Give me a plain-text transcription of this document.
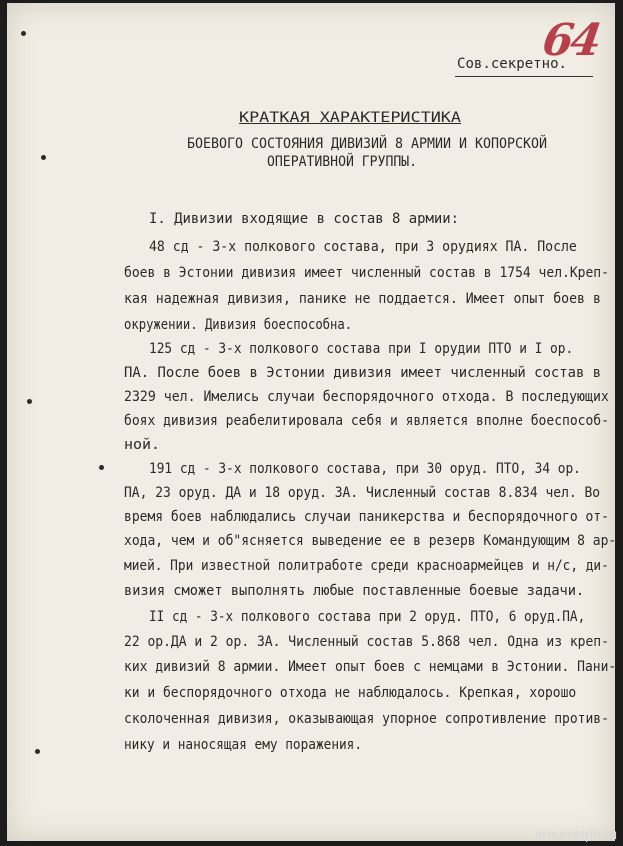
64
Сов.секретно.
КРАТКАЯ ХАРАКТЕРИСТИКА
БОЕВОГО СОСТОЯНИЯ ДИВИЗИЙ 8 АРМИИ И КОПОРСКОЙ
ОПЕРАТИВНОЙ ГРУППЫ.
I. Дивизии входящие в состав 8 армии:
48 сд - 3-х полкового состава, при 3 орудиях ПА. После
боев в Эстонии дивизия имеет численный состав в 1754 чел.Креп-
кая надежная дивизия, панике не поддается. Имеет опыт боев в
окружении. Дивизия боеспособна.
125 сд - 3-х полкового состава при I орудии ПТО и I ор.
ПА. После боев в Эстонии дивизия имеет численный состав в
2329 чел. Имелись случаи беспорядочного отхода. В последующих
боях дивизия реабелитировала себя и является вполне боеспособ-
ной.
191 сд - 3-х полкового состава, при 30 оруд. ПТО, 34 ор.
ПА, 23 оруд. ДА и 18 оруд. ЗА. Численный состав 8.834 чел. Во
время боев наблюдались случаи паникерства и беспорядочного от-
хода, чем и об"ясняется выведение ее в резерв Командующим 8 ар-
мией. При известной политработе среди красноармейцев и н/с, ди-
визия сможет выполнять любые поставленные боевые задачи.
II сд - 3-х полкового состава при 2 оруд. ПТО, 6 оруд.ПА,
22 ор.ДА и 2 ор. ЗА. Численный состав 5.868 чел. Одна из креп-
ких дивизий 8 армии. Имеет опыт боев с немцами в Эстонии. Пани-
ки и беспорядочного отхода не наблюдалось. Крепкая, хорошо
сколоченная дивизия, оказывающая упорное сопротивление против-
нику и наносящая ему поражения.
aroundspb.ru
